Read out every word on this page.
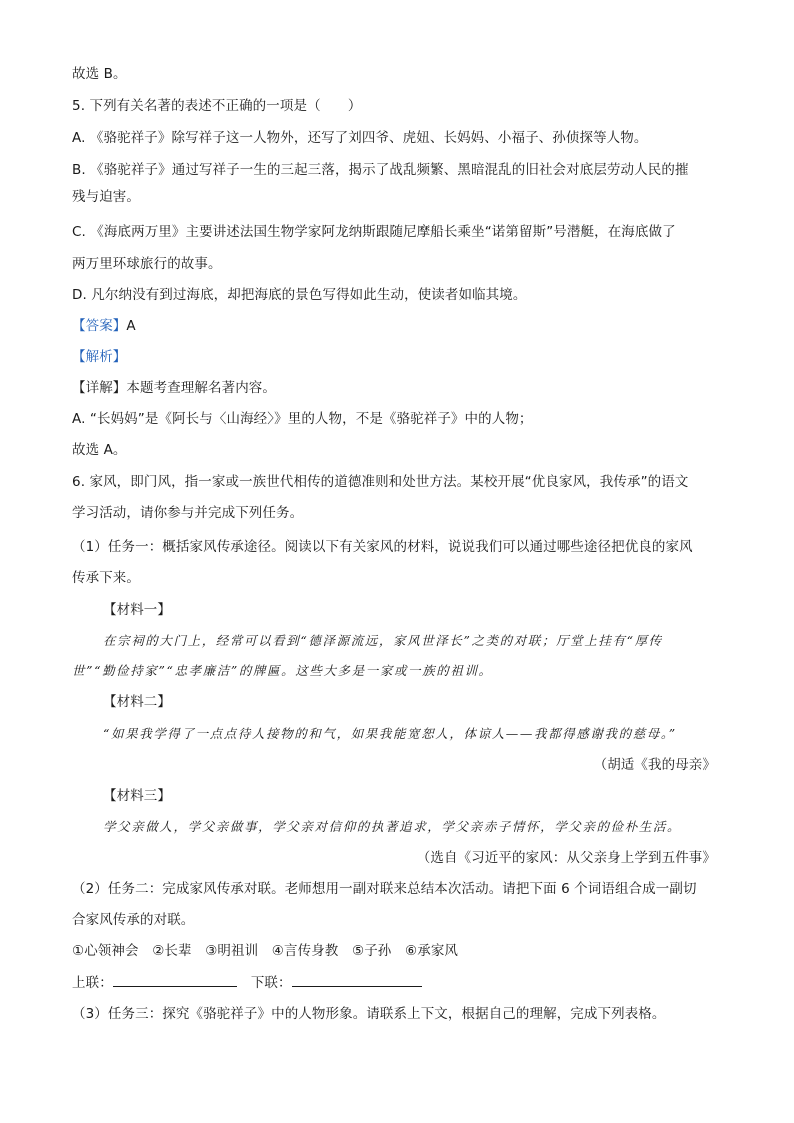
故选 B。
5. 下列有关名著的表述不正确的一项是（　　）
A. 《骆驼祥子》除写祥子这一人物外，还写了刘四爷、虎妞、长妈妈、小福子、孙侦探等人物。
B. 《骆驼祥子》通过写祥子一生的三起三落，揭示了战乱频繁、黑暗混乱的旧社会对底层劳动人民的摧
残与迫害。
C. 《海底两万里》主要讲述法国生物学家阿龙纳斯跟随尼摩船长乘坐“诺第留斯”号潜艇，在海底做了
两万里环球旅行的故事。
D. 凡尔纳没有到过海底，却把海底的景色写得如此生动，使读者如临其境。
【答案】A
【解析】
【详解】本题考查理解名著内容。
A. “长妈妈”是《阿长与〈山海经〉》里的人物，不是《骆驼祥子》中的人物；
故选 A。
6. 家风，即门风，指一家或一族世代相传的道德准则和处世方法。某校开展“优良家风，我传承”的语文
学习活动，请你参与并完成下列任务。
（1）任务一：概括家风传承途径。阅读以下有关家风的材料，说说我们可以通过哪些途径把优良的家风
传承下来。
【材料一】
在宗祠的大门上，经常可以看到“德泽源流远，家风世泽长”之类的对联；厅堂上挂有“厚传
世”“勤俭持家”“忠孝廉洁”的牌匾。这些大多是一家或一族的祖训。
【材料二】
“如果我学得了一点点待人接物的和气，如果我能宽恕人，体谅人——我都得感谢我的慈母。”
（胡适《我的母亲》
【材料三】
学父亲做人，学父亲做事，学父亲对信仰的执著追求，学父亲赤子情怀，学父亲的俭朴生活。
（选自《习近平的家风：从父亲身上学到五件事》
（2）任务二：完成家风传承对联。老师想用一副对联来总结本次活动。请把下面 6 个词语组合成一副切
合家风传承的对联。
①心领神会　②长辈　③明祖训　④言传身教　⑤子孙　⑥承家风
上联：	下联：
（3）任务三：探究《骆驼祥子》中的人物形象。请联系上下文，根据自己的理解，完成下列表格。
